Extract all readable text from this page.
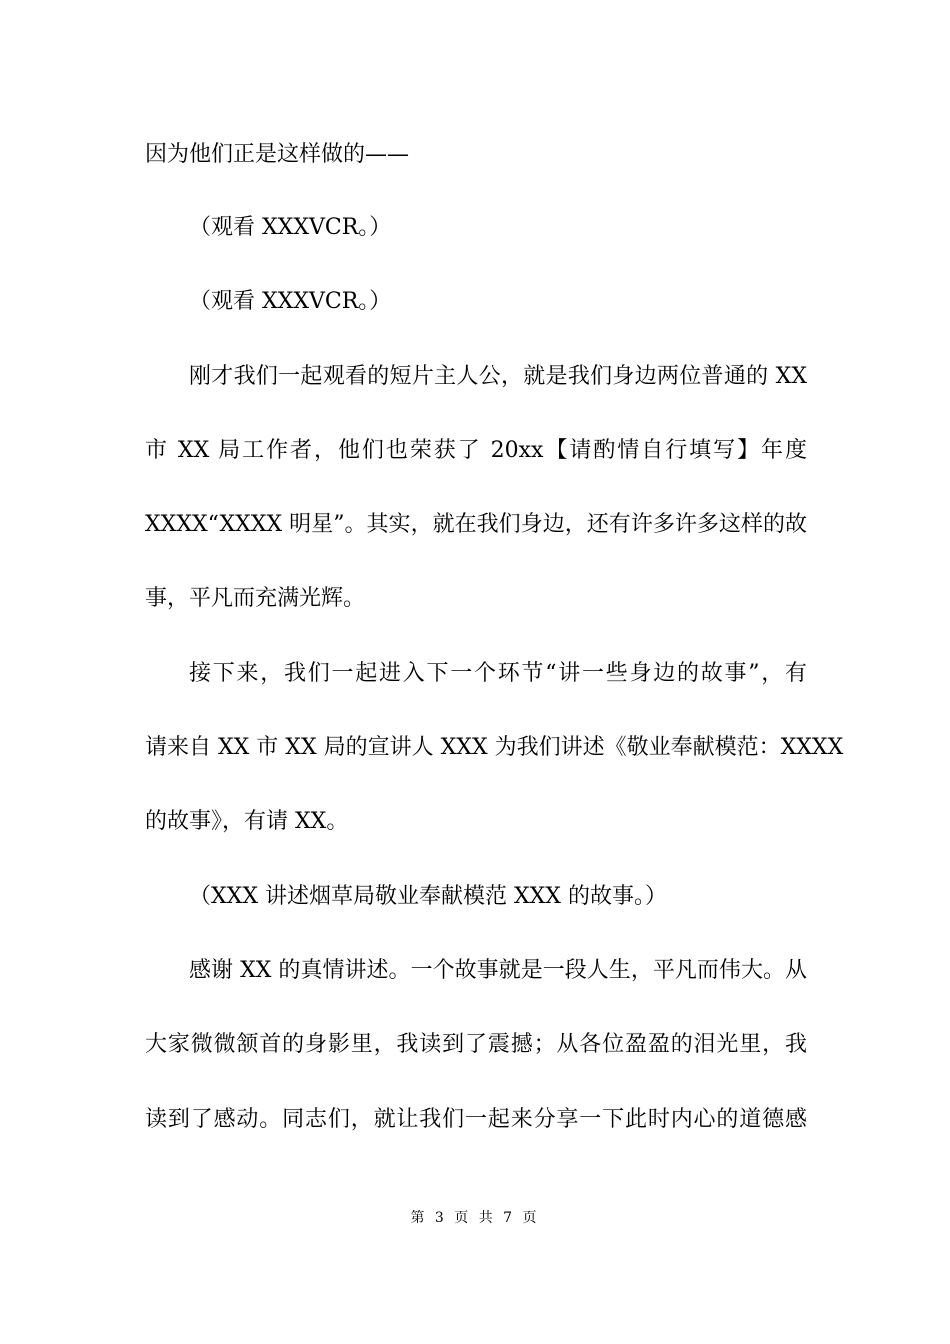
因为他们正是这样做的——
（观看 XXXVCR。）
（观看 XXXVCR。）
刚才我们一起观看的短片主人公，就是我们身边两位普通的 XX
市 XX 局工作者，他们也荣获了 20xx【请酌情自行填写】年度
XXXX“XXXX 明星”。其实，就在我们身边，还有许多许多这样的故
事，平凡而充满光辉。
接下来，我们一起进入下一个环节“讲一些身边的故事”，有
请来自 XX 市 XX 局的宣讲人 XXX 为我们讲述《敬业奉献模范：XXXX
的故事》，有请 XX。
（XXX 讲述烟草局敬业奉献模范 XXX 的故事。）
感谢 XX 的真情讲述。一个故事就是一段人生，平凡而伟大。从
大家微微颔首的身影里，我读到了震撼；从各位盈盈的泪光里，我
读到了感动。同志们，就让我们一起来分享一下此时内心的道德感
第 3 页 共 7 页
